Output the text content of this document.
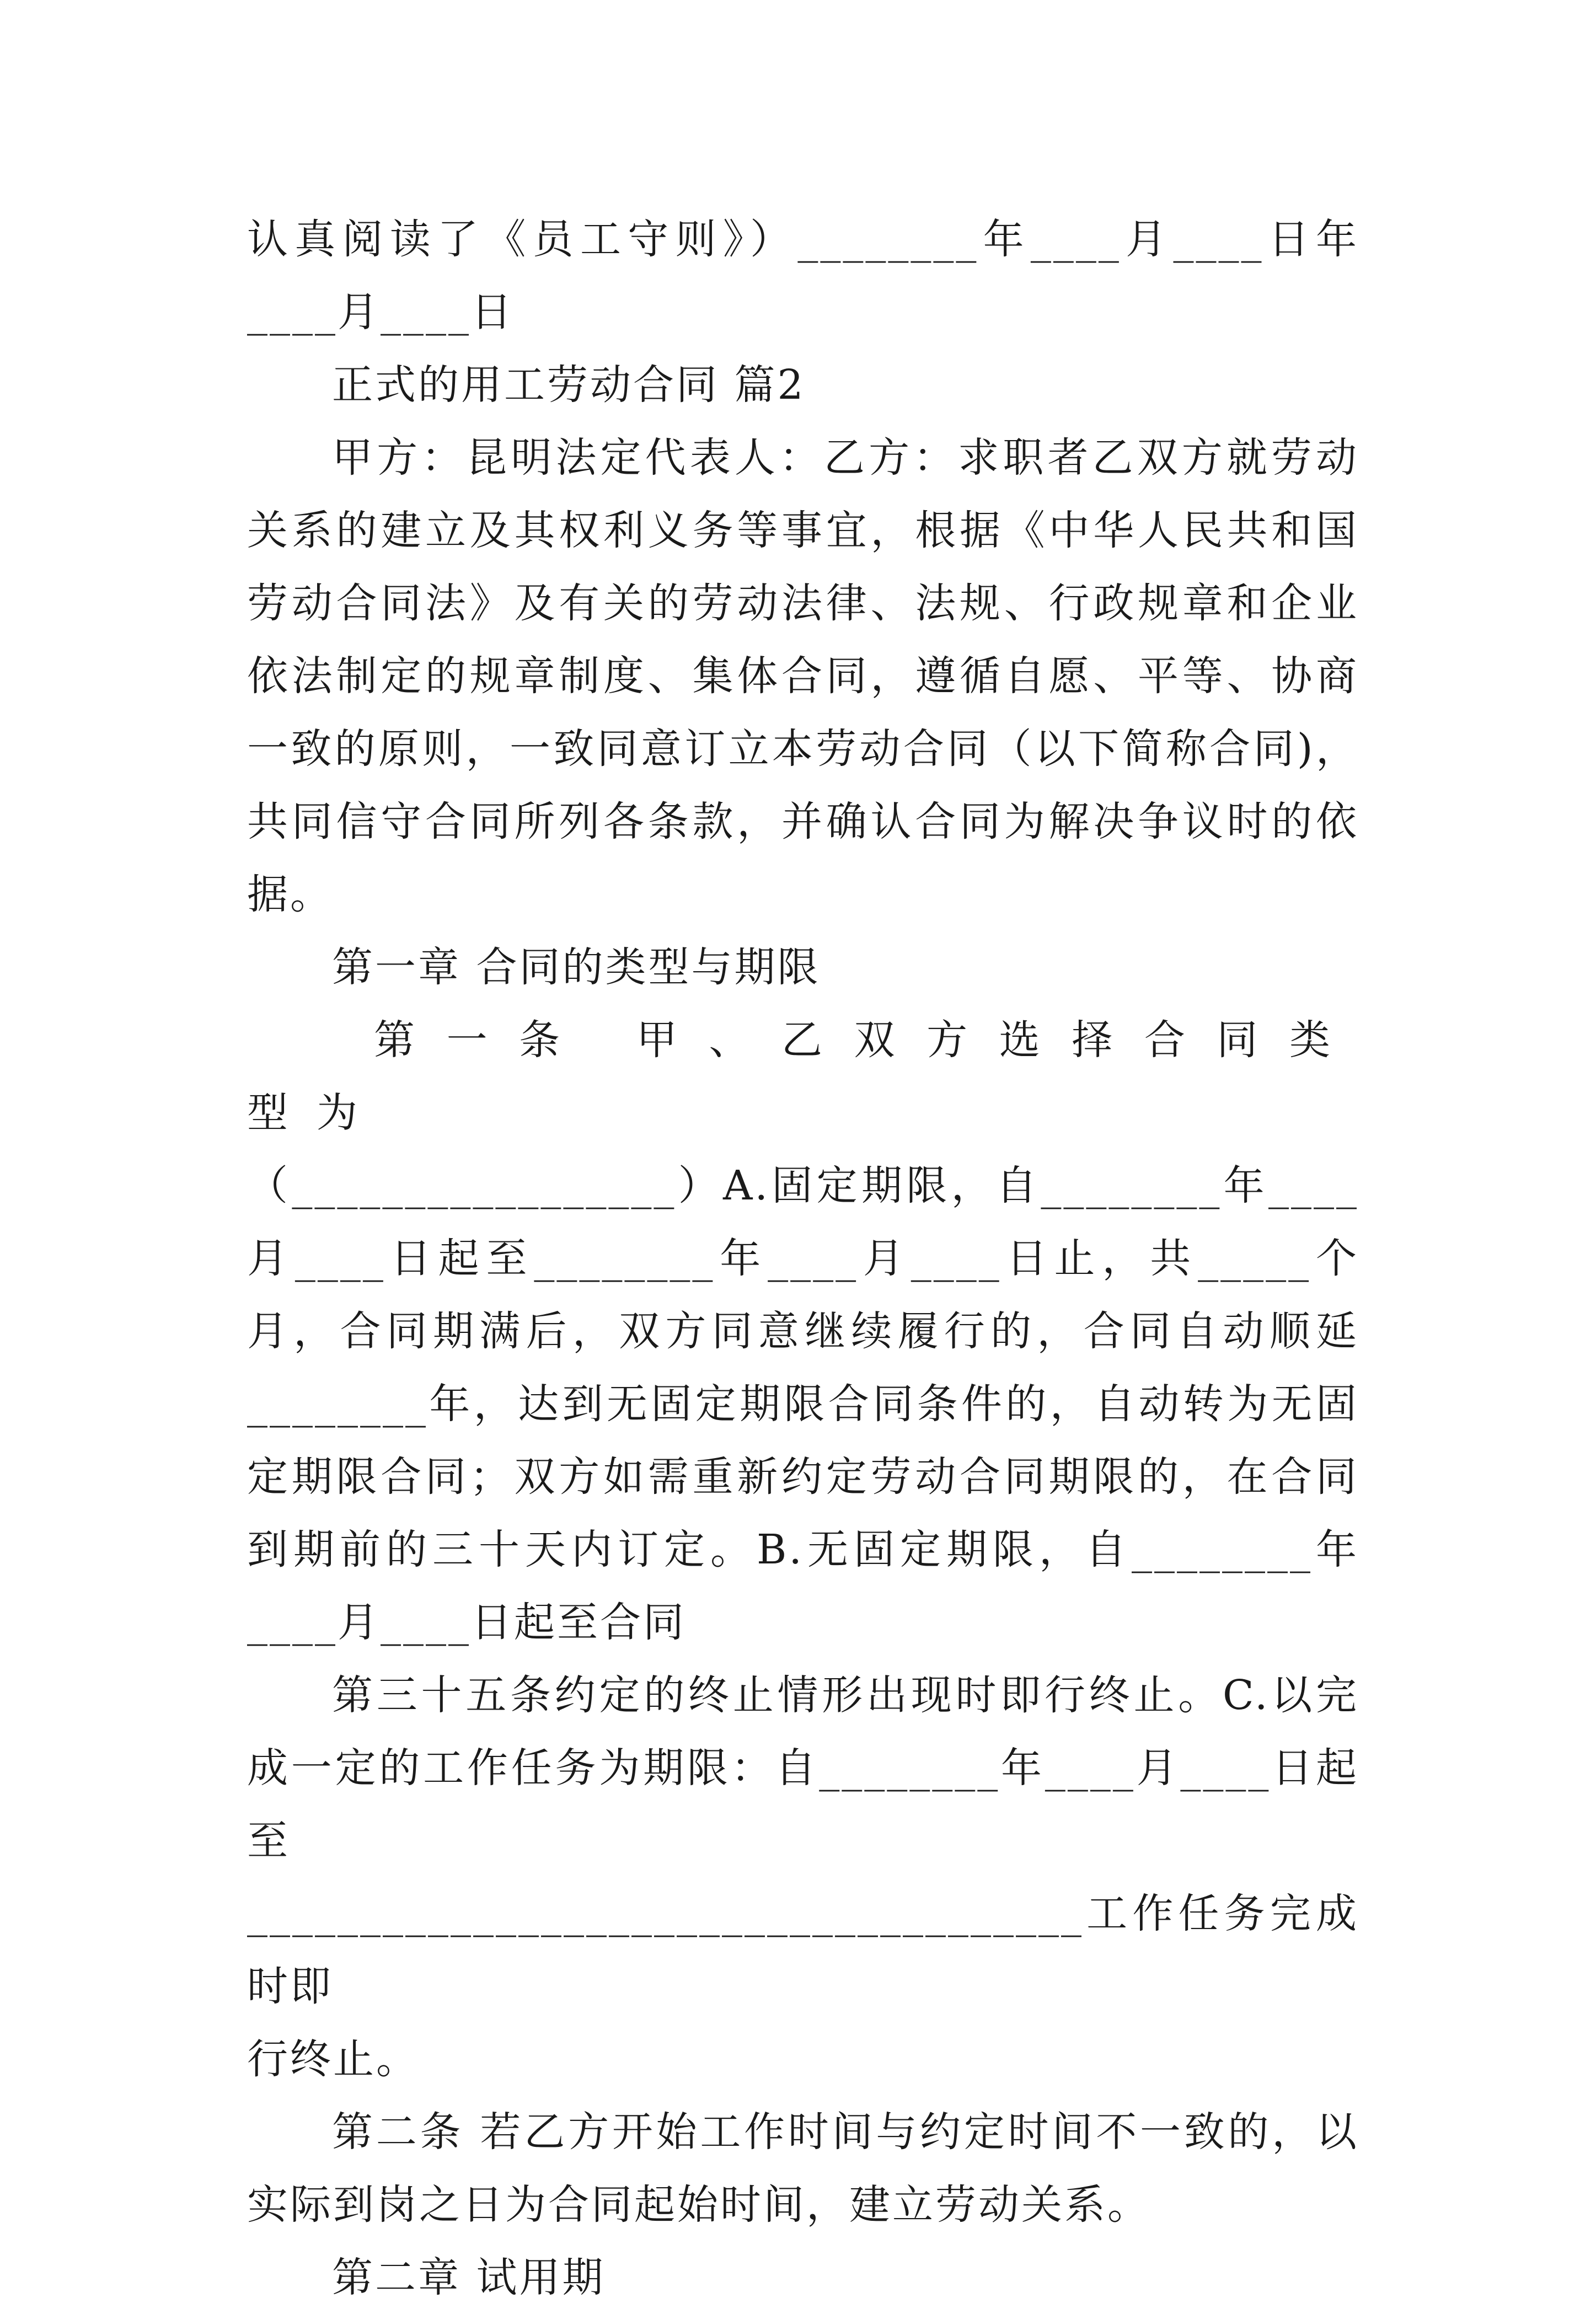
认真阅读了《员工守则》）________年____月____日年____月____日

正式的用工劳动合同 篇2

甲方：昆明法定代表人：乙方：求职者乙双方就劳动关系的建立及其权利义务等事宜，根据《中华人民共和国劳动合同法》及有关的劳动法律、法规、行政规章和企业依法制定的规章制度、集体合同，遵循自愿、平等、协商一致的原则，一致同意订立本劳动合同（以下简称合同)，共同信守合同所列各条款，并确认合同为解决争议时的依据。

第一章 合同的类型与期限

第一条 甲、乙双方选择合同类型为

（_________________）A.固定期限，自________年____月____日起至________年____月____日止，共_____个月，合同期满后，双方同意继续履行的，合同自动顺延________年，达到无固定期限合同条件的，自动转为无固定期限合同；双方如需重新约定劳动合同期限的，在合同到期前的三十天内订定。B.无固定期限，自________年____月____日起至合同

第三十五条约定的终止情形出现时即行终止。C.以完成一定的工作任务为期限：自________年____月____日起至

_____________________________________工作任务完成时即

行终止。

第二条 若乙方开始工作时间与约定时间不一致的，以实际到岗之日为合同起始时间，建立劳动关系。

第二章 试用期
